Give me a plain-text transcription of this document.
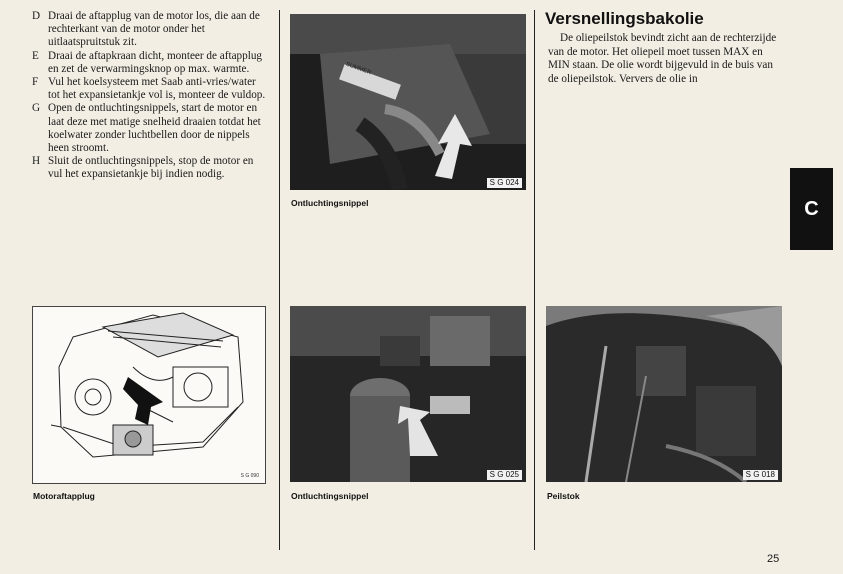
D Draai de aftapplug van de motor los, die aan de rechterkant van de motor onder het uitlaatspruitstuk zit.
E Draai de aftapkraan dicht, monteer de aftapplug en zet de verwarmingsknop op max. warmte.
F Vul het koelsysteem met Saab anti-vries/water tot het expansietankje vol is, monteer de vuldop.
G Open de ontluchtingsnippels, start de motor en laat deze met matige snelheid draaien totdat het koelwater zonder luchtbellen door de nippels heen stroomt.
H Sluit de ontluchtingsnippels, stop de motor en vul het expansietankje bij indien nodig.
S G 090
Motoraftapplug
S G 024
SUMMER
Ontluchtingsnippel
S G 025
Ontluchtingsnippel
Versnellingsbakolie
De oliepeilstok bevindt zicht aan de rechterzijde van de motor. Het oliepeil moet tussen MAX en MIN staan. De olie wordt bijgevuld in de buis van de oliepeilstok. Ververs de olie in
S G 018
Peilstok
C
25
